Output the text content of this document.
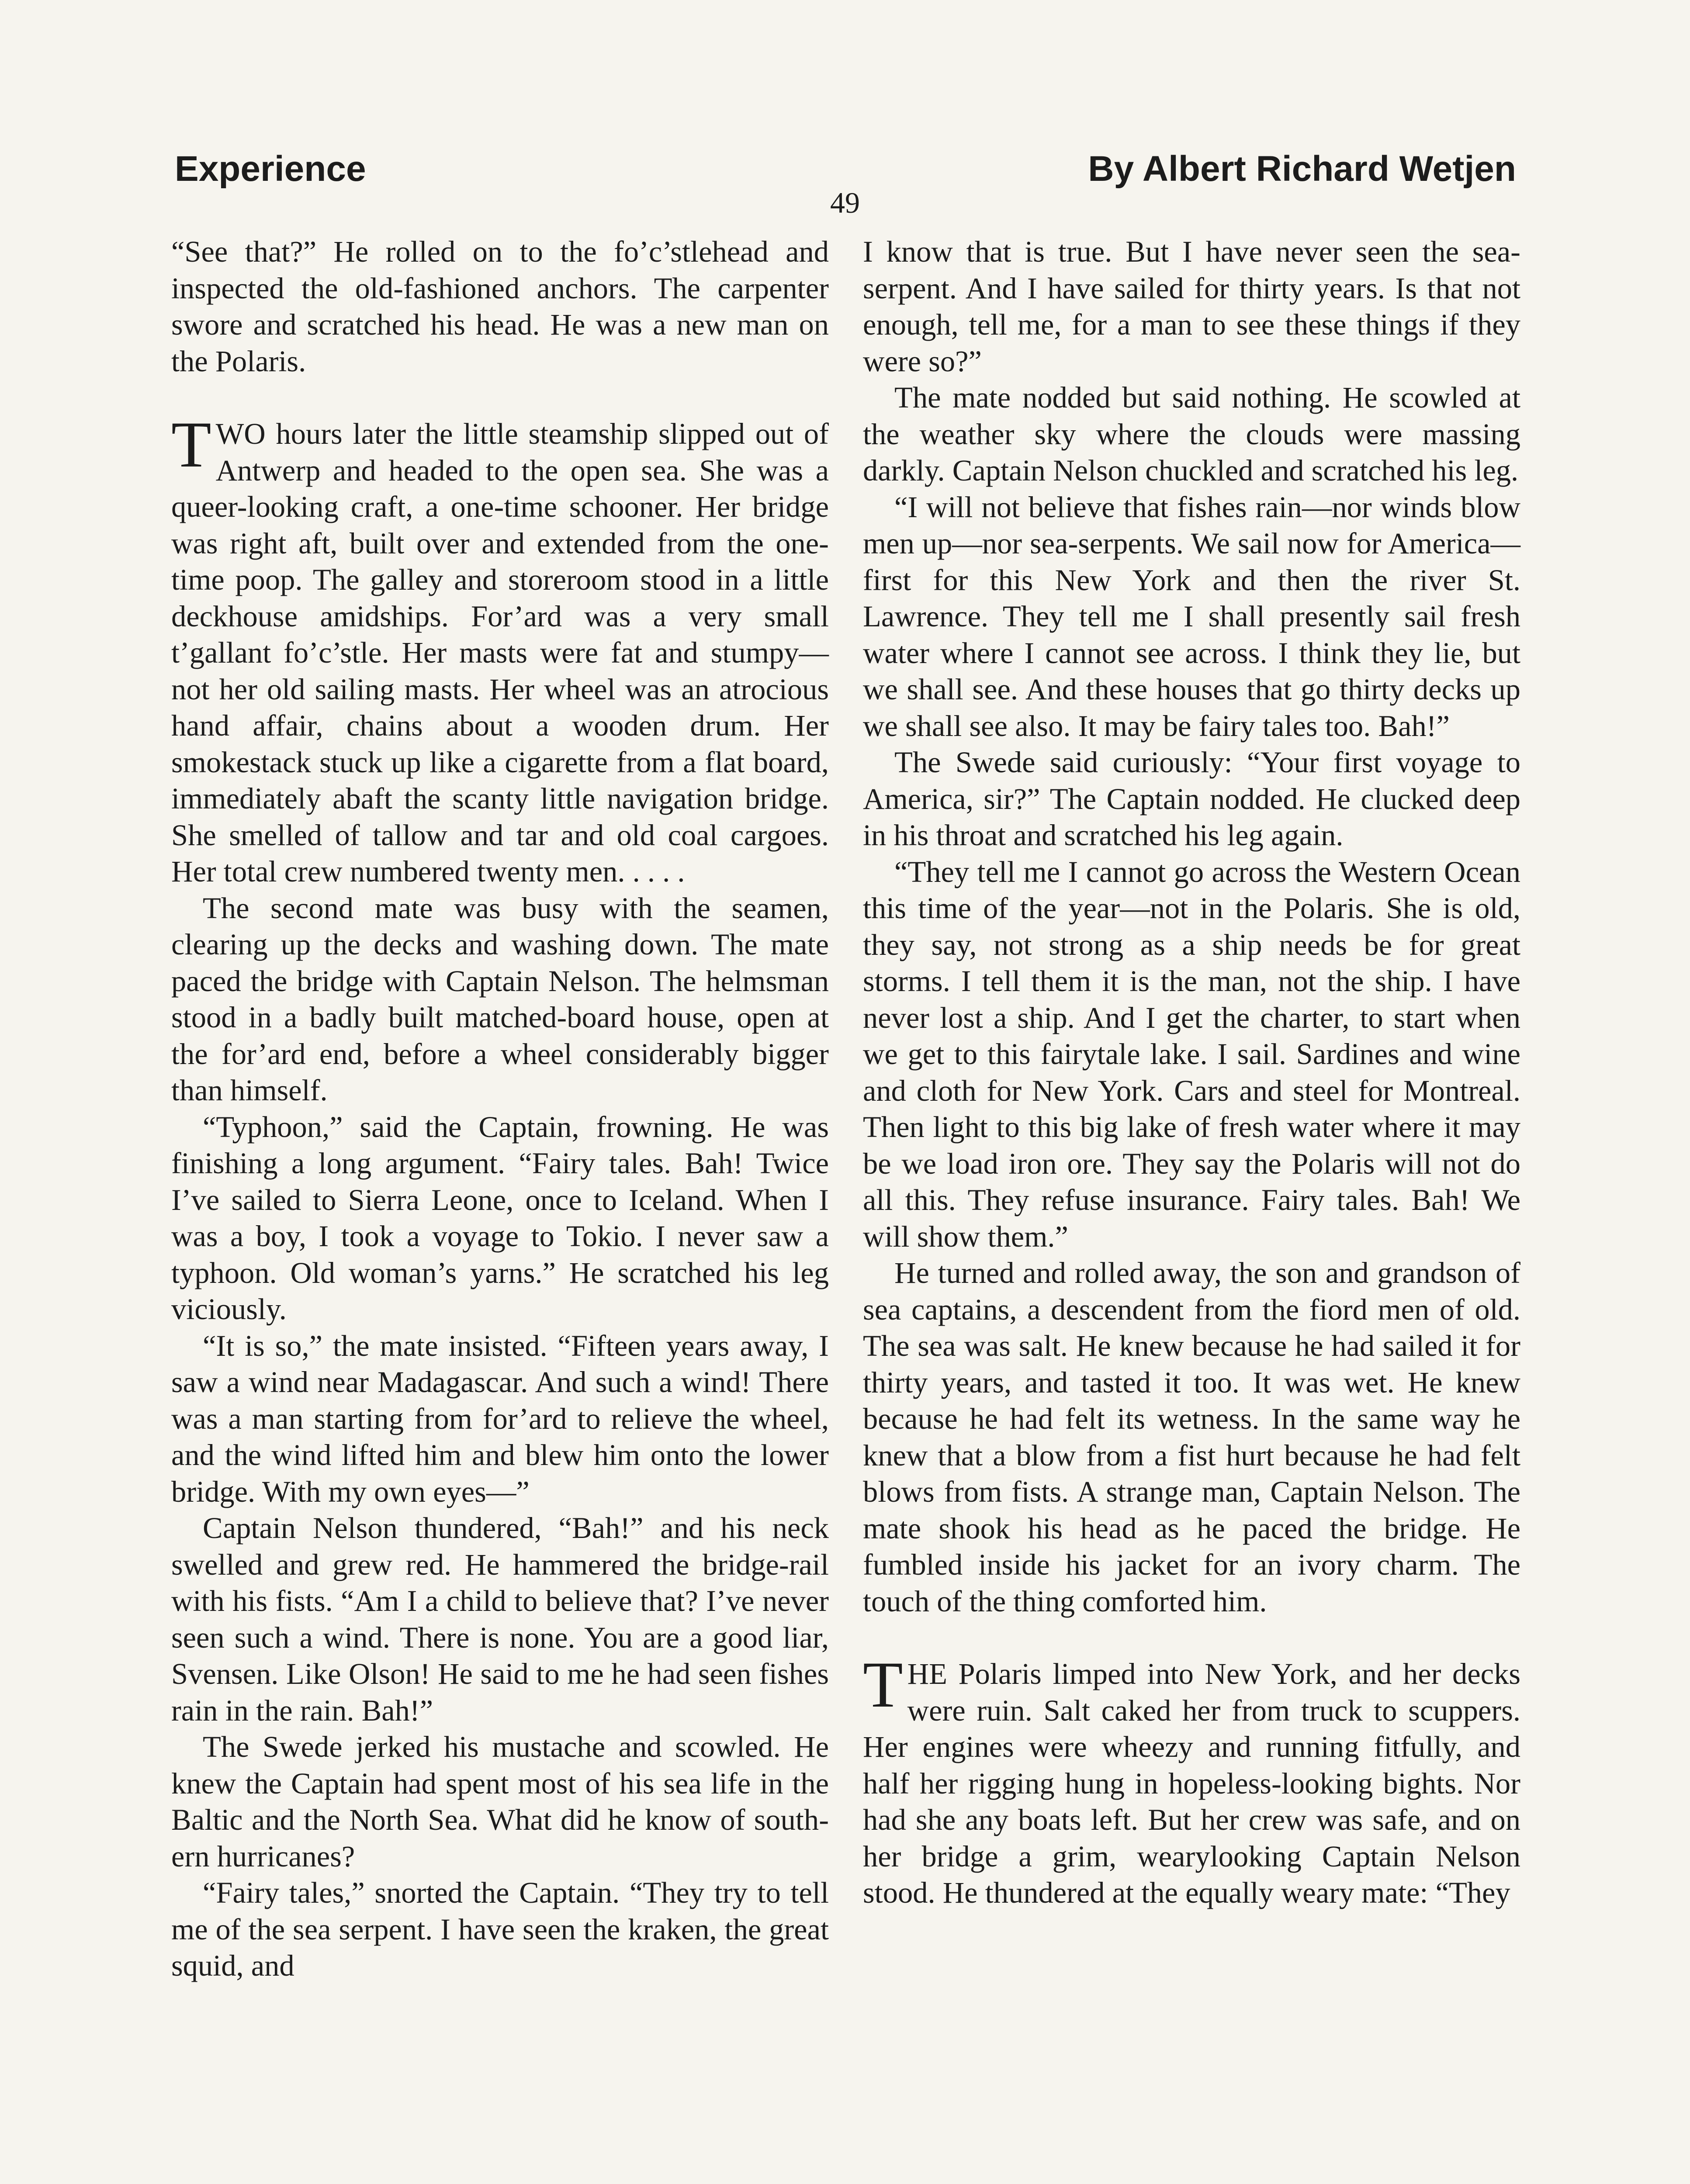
Experience	By Albert Richard Wetjen
49

“See that?” He rolled on to the fo’c’stlehead and inspected the old-fashioned anchors. The carpenter swore and scratched his head. He was a new man on the Polaris.

TWO hours later the little steamship slipped out of Antwerp and headed to the open sea. She was a queer-looking craft, a one-time schooner. Her bridge was right aft, built over and extended from the one-time poop. The galley and storeroom stood in a little deckhouse amidships. For’ard was a very small t’gallant fo’c’stle. Her masts were fat and stumpy—not her old sailing masts. Her wheel was an atrocious hand affair, chains about a wooden drum. Her smokestack stuck up like a cigarette from a flat board, immediately abaft the scanty little navigation bridge. She smelled of tallow and tar and old coal cargoes. Her total crew numbered twenty men. . . . .

The second mate was busy with the seamen, clearing up the decks and washing down. The mate paced the bridge with Captain Nelson. The helmsman stood in a badly built matched-board house, open at the for’ard end, before a wheel considerably bigger than himself.

“Typhoon,” said the Captain, frowning. He was finishing a long argument. “Fairy tales. Bah! Twice I’ve sailed to Sierra Leone, once to Iceland. When I was a boy, I took a voyage to Tokio. I never saw a typhoon. Old woman’s yarns.” He scratched his leg viciously.

“It is so,” the mate insisted. “Fifteen years away, I saw a wind near Madagascar. And such a wind! There was a man starting from for’ard to relieve the wheel, and the wind lifted him and blew him onto the lower bridge. With my own eyes—”

Captain Nelson thundered, “Bah!” and his neck swelled and grew red. He hammered the bridge-rail with his fists. “Am I a child to believe that? I’ve never seen such a wind. There is none. You are a good liar, Svensen. Like Olson! He said to me he had seen fishes rain in the rain. Bah!”

The Swede jerked his mustache and scowled. He knew the Captain had spent most of his sea life in the Baltic and the North Sea. What did he know of southern hurricanes?

“Fairy tales,” snorted the Captain. “They try to tell me of the sea serpent. I have seen the kraken, the great squid, and

I know that is true. But I have never seen the sea-serpent. And I have sailed for thirty years. Is that not enough, tell me, for a man to see these things if they were so?”

The mate nodded but said nothing. He scowled at the weather sky where the clouds were massing darkly. Captain Nelson chuckled and scratched his leg.

“I will not believe that fishes rain—nor winds blow men up—nor sea-serpents. We sail now for America—first for this New York and then the river St. Lawrence. They tell me I shall presently sail fresh water where I cannot see across. I think they lie, but we shall see. And these houses that go thirty decks up we shall see also. It may be fairy tales too. Bah!”

The Swede said curiously: “Your first voyage to America, sir?” The Captain nodded. He clucked deep in his throat and scratched his leg again.

“They tell me I cannot go across the Western Ocean this time of the year—not in the Polaris. She is old, they say, not strong as a ship needs be for great storms. I tell them it is the man, not the ship. I have never lost a ship. And I get the charter, to start when we get to this fairytale lake. I sail. Sardines and wine and cloth for New York. Cars and steel for Montreal. Then light to this big lake of fresh water where it may be we load iron ore. They say the Polaris will not do all this. They refuse insurance. Fairy tales. Bah! We will show them.”

He turned and rolled away, the son and grandson of sea captains, a descendent from the fiord men of old. The sea was salt. He knew because he had sailed it for thirty years, and tasted it too. It was wet. He knew because he had felt its wetness. In the same way he knew that a blow from a fist hurt because he had felt blows from fists. A strange man, Captain Nelson. The mate shook his head as he paced the bridge. He fumbled inside his jacket for an ivory charm. The touch of the thing comforted him.

THE Polaris limped into New York, and her decks were ruin. Salt caked her from truck to scuppers. Her engines were wheezy and running fitfully, and half her rigging hung in hopeless-looking bights. Nor had she any boats left. But her crew was safe, and on her bridge a grim, wearylooking Captain Nelson stood. He thundered at the equally weary mate: “They
